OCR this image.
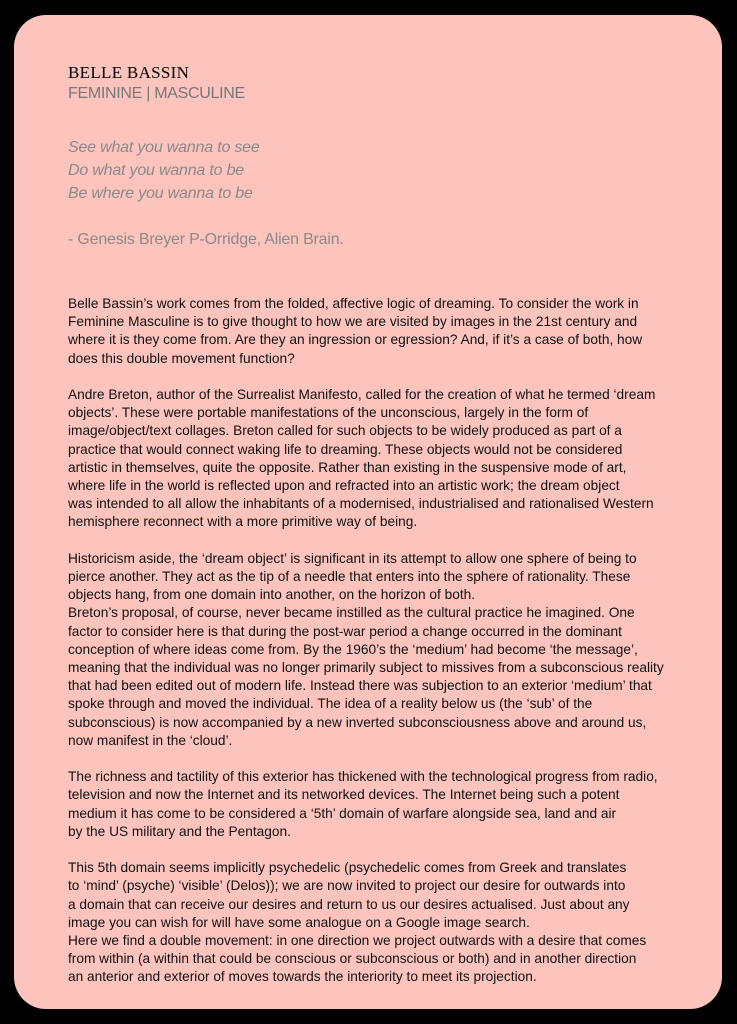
BELLE BASSIN
FEMININE | MASCULINE
See what you wanna to see
Do what you wanna to be
Be where you wanna to be
- Genesis Breyer P-Orridge, Alien Brain.
Belle Bassin’s work comes from the folded, affective logic of dreaming. To consider the work in
Feminine Masculine is to give thought to how we are visited by images in the 21st century and
where it is they come from. Are they an ingression or egression? And, if it’s a case of both, how
does this double movement function?
Andre Breton, author of the Surrealist Manifesto, called for the creation of what he termed ‘dream
objects’. These were portable manifestations of the unconscious, largely in the form of
image/object/text collages. Breton called for such objects to be widely produced as part of a
practice that would connect waking life to dreaming. These objects would not be considered
artistic in themselves, quite the opposite. Rather than existing in the suspensive mode of art,
where life in the world is reflected upon and refracted into an artistic work; the dream object
was intended to all allow the inhabitants of a modernised, industrialised and rationalised Western
hemisphere reconnect with a more primitive way of being.
Historicism aside, the ‘dream object’ is significant in its attempt to allow one sphere of being to
pierce another. They act as the tip of a needle that enters into the sphere of rationality. These
objects hang, from one domain into another, on the horizon of both.
Breton’s proposal, of course, never became instilled as the cultural practice he imagined. One
factor to consider here is that during the post-war period a change occurred in the dominant
conception of where ideas come from. By the 1960’s the ‘medium’ had become ‘the message’,
meaning that the individual was no longer primarily subject to missives from a subconscious reality
that had been edited out of modern life. Instead there was subjection to an exterior ‘medium’ that
spoke through and moved the individual. The idea of a reality below us (the ‘sub’ of the
subconscious) is now accompanied by a new inverted subconsciousness above and around us,
now manifest in the ‘cloud’.
The richness and tactility of this exterior has thickened with the technological progress from radio,
television and now the Internet and its networked devices. The Internet being such a potent
medium it has come to be considered a ‘5th’ domain of warfare alongside sea, land and air
by the US military and the Pentagon.
This 5th domain seems implicitly psychedelic (psychedelic comes from Greek and translates
to ‘mind’ (psyche) ‘visible’ (Delos)); we are now invited to project our desire for outwards into
a domain that can receive our desires and return to us our desires actualised. Just about any
image you can wish for will have some analogue on a Google image search.
Here we find a double movement: in one direction we project outwards with a desire that comes
from within (a within that could be conscious or subconscious or both) and in another direction
an anterior and exterior of moves towards the interiority to meet its projection.
